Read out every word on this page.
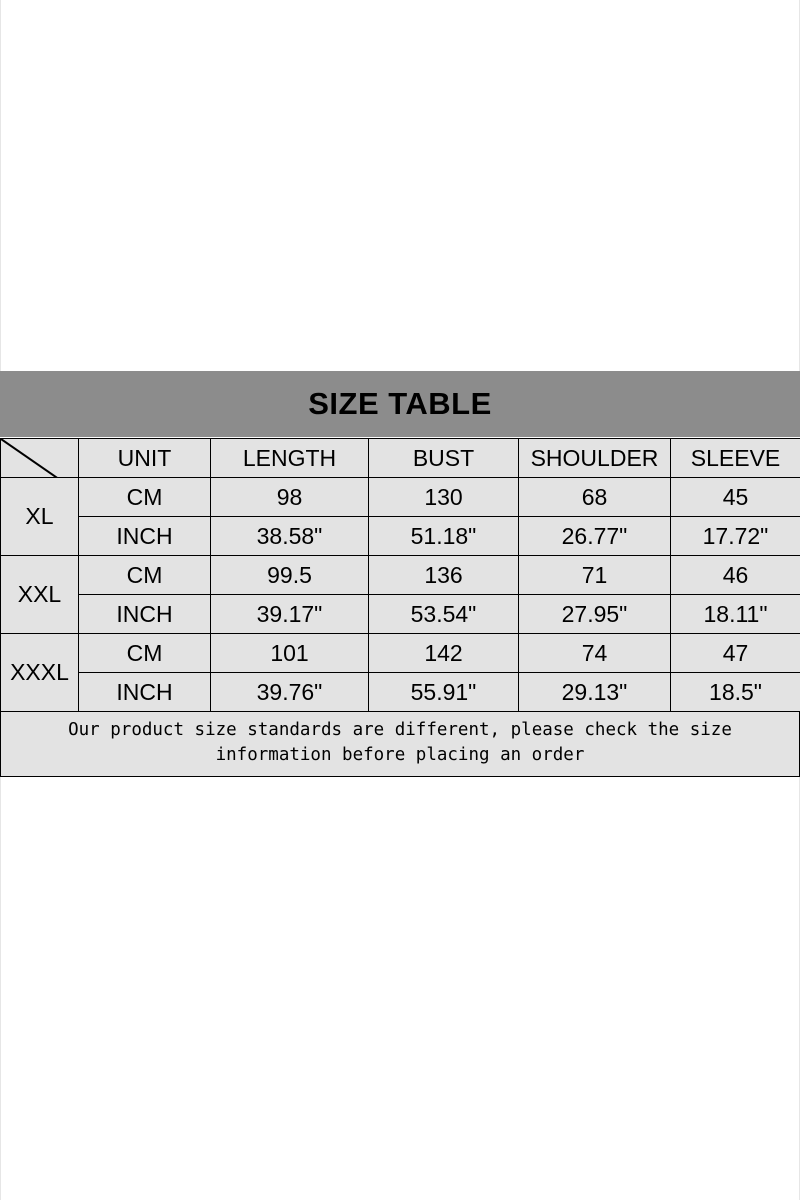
SIZE TABLE
	UNIT	LENGTH	BUST	SHOULDER	SLEEVE
XL	CM	98	130	68	45
	INCH	38.58"	51.18"	26.77"	17.72"
XXL	CM	99.5	136	71	46
	INCH	39.17"	53.54"	27.95"	18.11"
XXXL	CM	101	142	74	47
	INCH	39.76"	55.91"	29.13"	18.5"
Our product size standards are different, please check the size information before placing an order
